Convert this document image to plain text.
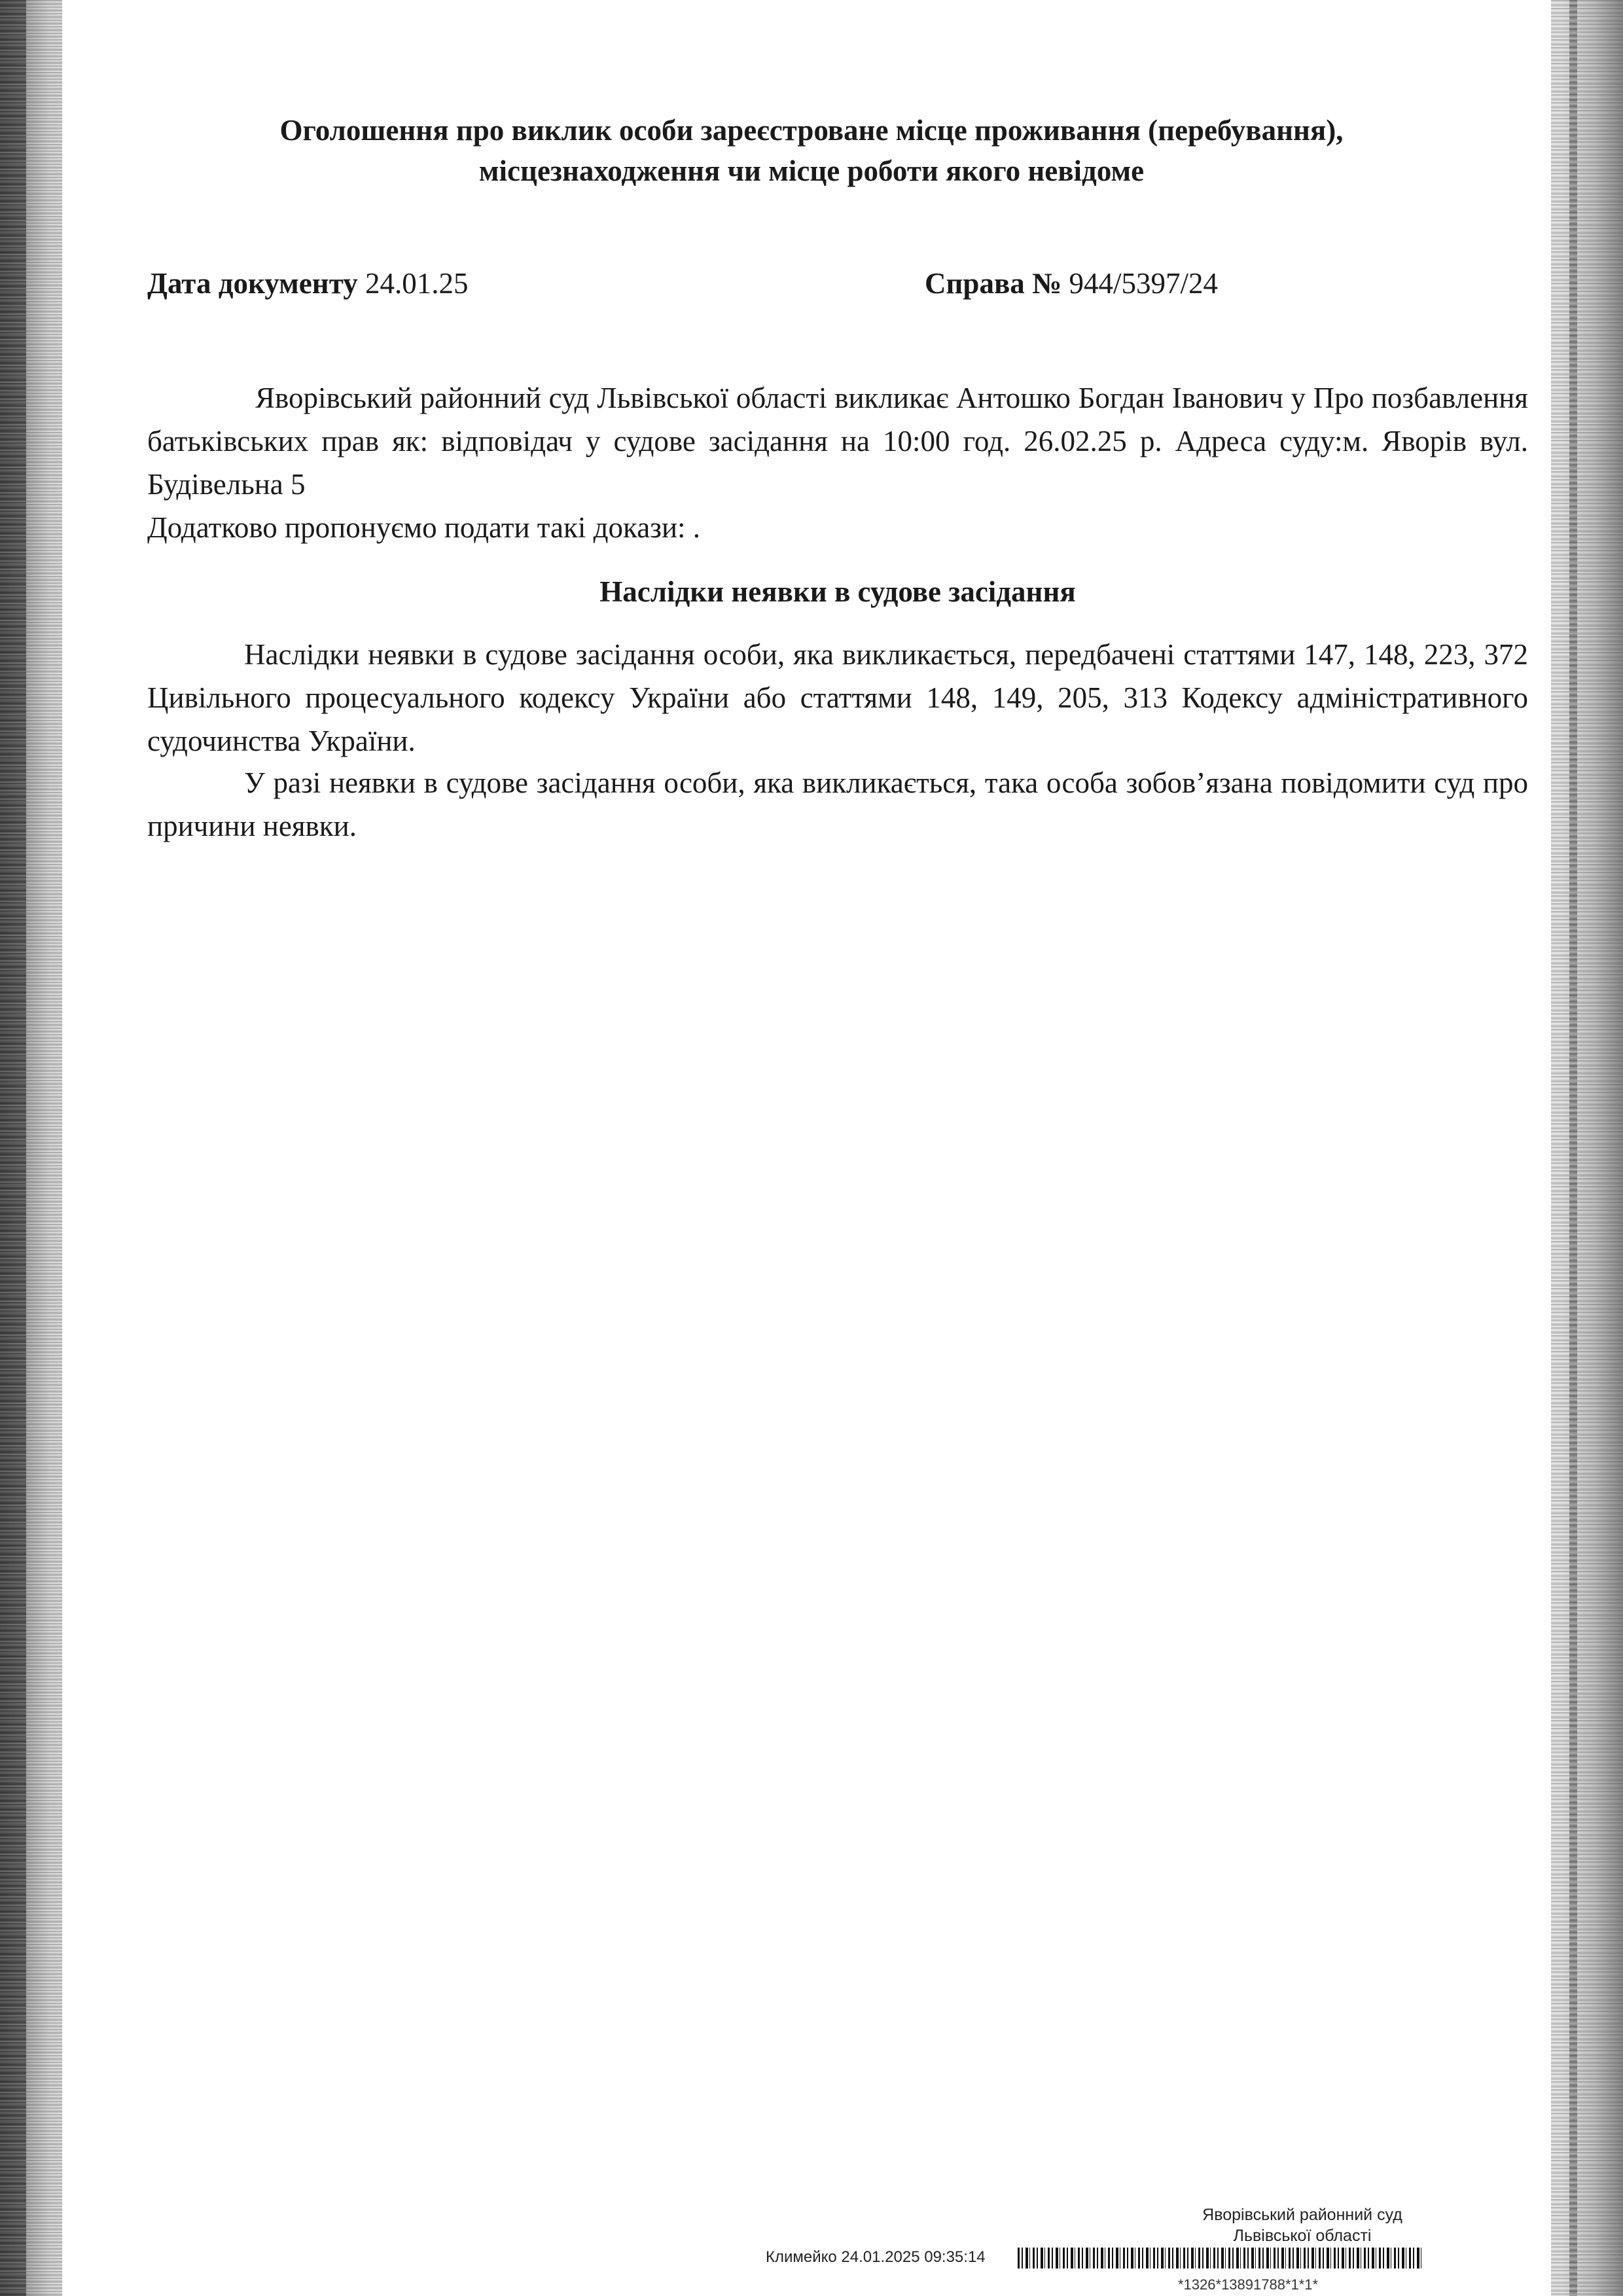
Оголошення про виклик особи зареєстроване місце проживання (перебування),
місцезнаходження чи місце роботи якого невідоме
Дата документу 24.01.25	Справа № 944/5397/24

Яворівський районний суд Львівської області викликає Антошко Богдан Іванович у Про позбавлення батьківських прав як: відповідач у судове засідання на 10:00 год. 26.02.25 р. Адреса суду:м. Яворів вул. Будівельна 5

Додатково пропонуємо подати такі докази: .

Наслідки неявки в судове засідання

Наслідки неявки в судове засідання особи, яка викликається, передбачені статтями 147, 148, 223, 372 Цивільного процесуального кодексу України або статтями 148, 149, 205, 313 Кодексу адміністративного судочинства України.

У разі неявки в судове засідання особи, яка викликається, така особа зобов’язана повідомити суд про причини неявки.

Яворівський районний суд
Львівської області
Климейко 24.01.2025 09:35:14
*1326*13891788*1*1*
